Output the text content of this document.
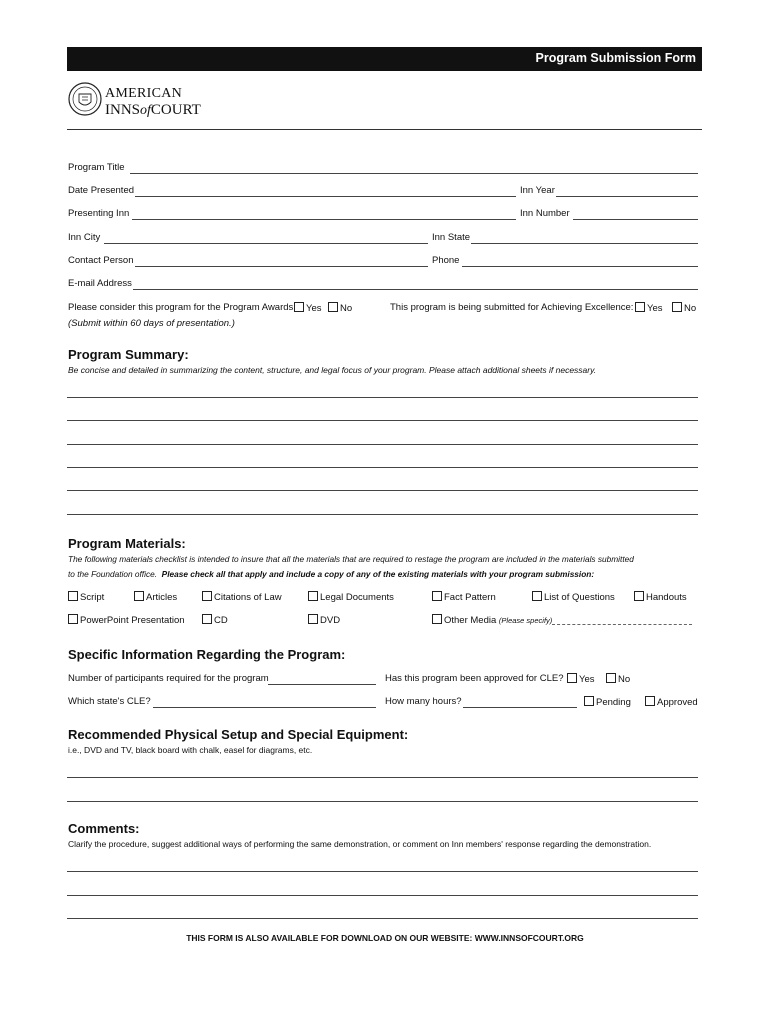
Program Submission Form
AMERICAN
INNSofCOURT
Program Title
Date Presented	Inn Year
Presenting Inn	Inn Number
Inn City	Inn State
Contact Person	Phone
E-mail Address
Please consider this program for the Program Awards:	Yes	No
(Submit within 60 days of presentation.)
This program is being submitted for Achieving Excellence:	Yes	No
Program Summary:
Be concise and detailed in summarizing the content, structure, and legal focus of your program. Please attach additional sheets if necessary.
Program Materials:
The following materials checklist is intended to insure that all the materials that are required to restage the program are included in the materials submitted
to the Foundation office. Please check all that apply and include a copy of any of the existing materials with your program submission:
Script	Articles	Citations of Law	Legal Documents	Fact Pattern	List of Questions	Handouts
PowerPoint Presentation	CD	DVD	Other Media (Please specify)
Specific Information Regarding the Program:
Number of participants required for the program	Has this program been approved for CLE?	Yes	No
Which state's CLE?	How many hours?	Pending	Approved
Recommended Physical Setup and Special Equipment:
i.e., DVD and TV, black board with chalk, easel for diagrams, etc.
Comments:
Clarify the procedure, suggest additional ways of performing the same demonstration, or comment on Inn members' response regarding the demonstration.
THIS FORM IS ALSO AVAILABLE FOR DOWNLOAD ON OUR WEBSITE: WWW.INNSOFCOURT.ORG
